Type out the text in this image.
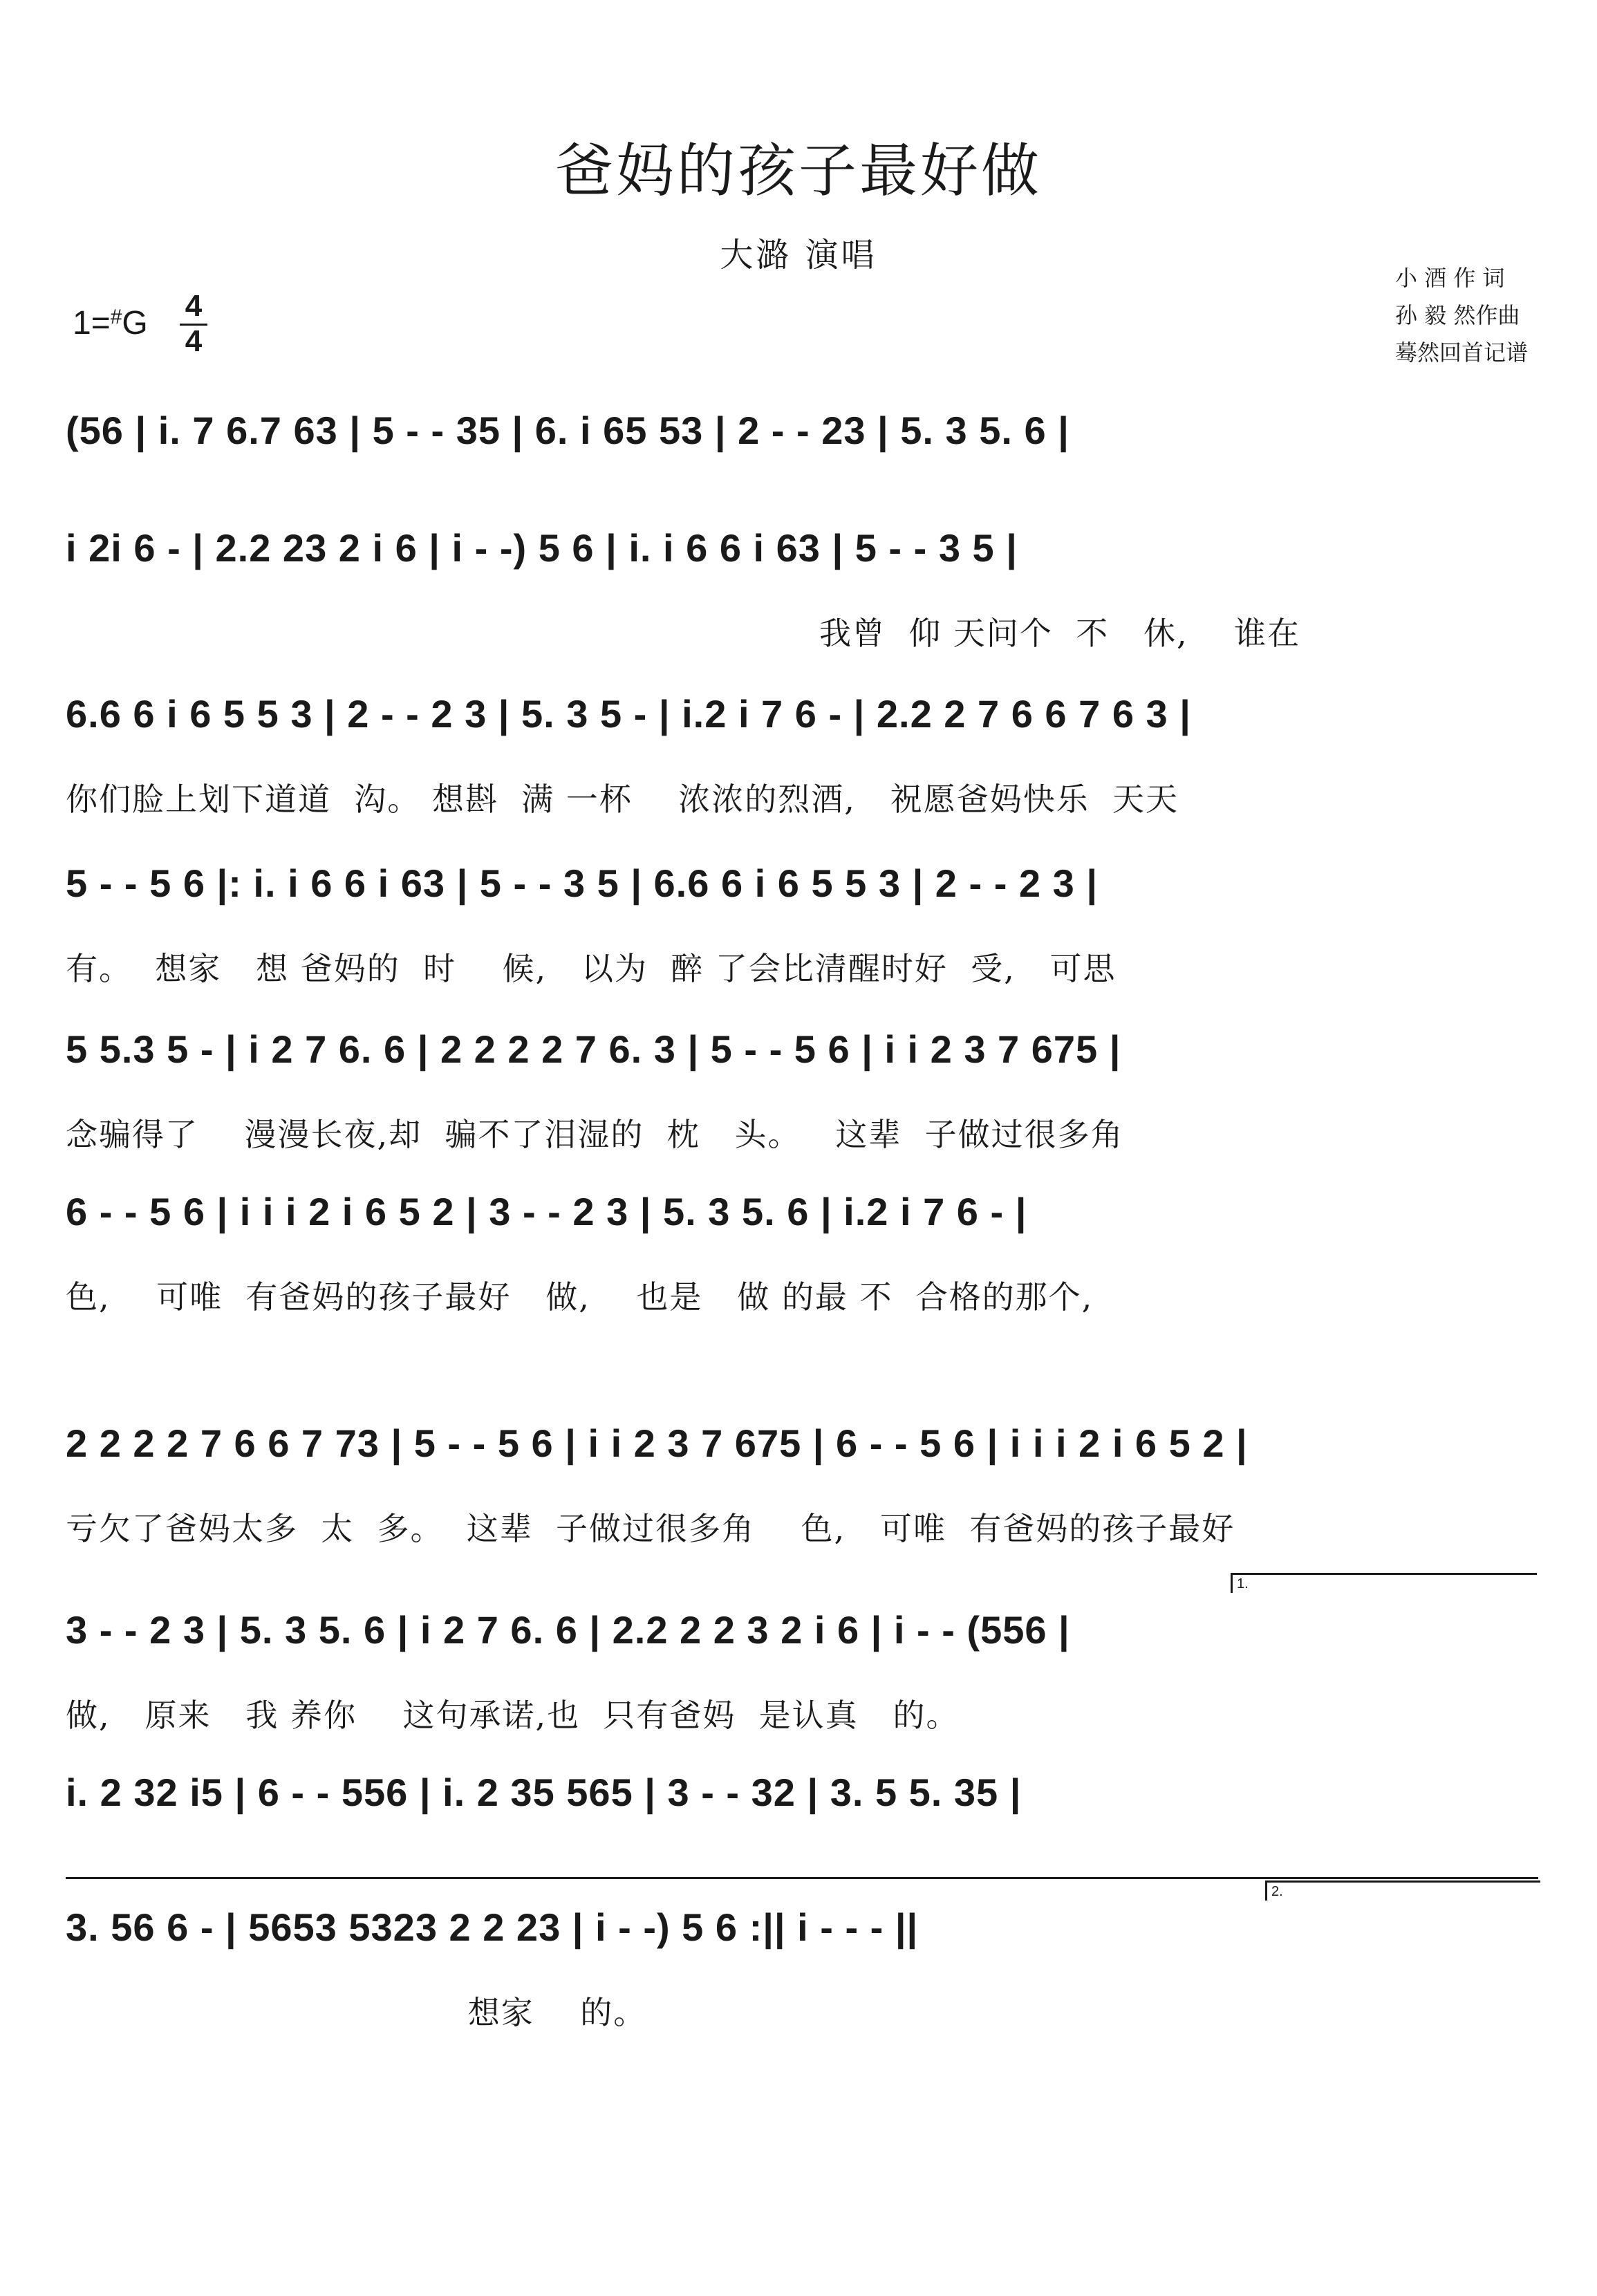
爸妈的孩子最好做
大潞 演唱
小 酒 作 词
孙 毅 然作曲
蓦然回首记谱
1=#G 4
4
(56 | i. 7 6.7 63 | 5 - - 35 | 6. i 65 53 | 2 - - 23 | 5. 3 5. 6 |
i 2i 6 - | 2.2 23 2 i 6 | i - -) 5 6 | i. i 6 6 i 63 | 5 - - 3 5 |
我曾  仰 天问个  不   休,    谁在
6.6 6 i 6 5 5 3 | 2 - - 2 3 | 5. 3 5 - | i.2 i 7 6 - | 2.2 2 7 6 6 7 6 3 |
你们脸上划下道道  沟。 想斟  满 一杯    浓浓的烈酒,   祝愿爸妈快乐  天天
5 - - 5 6 |: i. i 6 6 i 63 | 5 - - 3 5 | 6.6 6 i 6 5 5 3 | 2 - - 2 3 |
有。  想家   想 爸妈的  时    候,   以为  醉 了会比清醒时好  受,   可思
5 5.3 5 - | i 2 7 6. 6 | 2 2 2 2 7 6. 3 | 5 - - 5 6 | i i 2 3 7 675 |
念骗得了    漫漫长夜,却  骗不了泪湿的  枕   头。   这辈  子做过很多角
6 - - 5 6 | i i i 2 i 6 5 2 | 3 - - 2 3 | 5. 3 5. 6 | i.2 i 7 6 - |
色,    可唯  有爸妈的孩子最好   做,    也是   做 的最 不  合格的那个,
2 2 2 2 7 6 6 7 73 | 5 - - 5 6 | i i 2 3 7 675 | 6 - - 5 6 | i i i 2 i 6 5 2 |
亏欠了爸妈太多  太  多。  这辈  子做过很多角    色,   可唯  有爸妈的孩子最好
1.
3 - - 2 3 | 5. 3 5. 6 | i 2 7 6. 6 | 2.2 2 2 3 2 i 6 | i - - (556 |
做,   原来   我 养你    这句承诺,也  只有爸妈  是认真   的。
i. 2 32 i5 | 6 - - 556 | i. 2 35 565 | 3 - - 32 | 3. 5 5. 35 |
2.
3. 56 6 - | 5653 5323 2 2 23 | i - -) 5 6 :|| i - - - ||
想家    的。
